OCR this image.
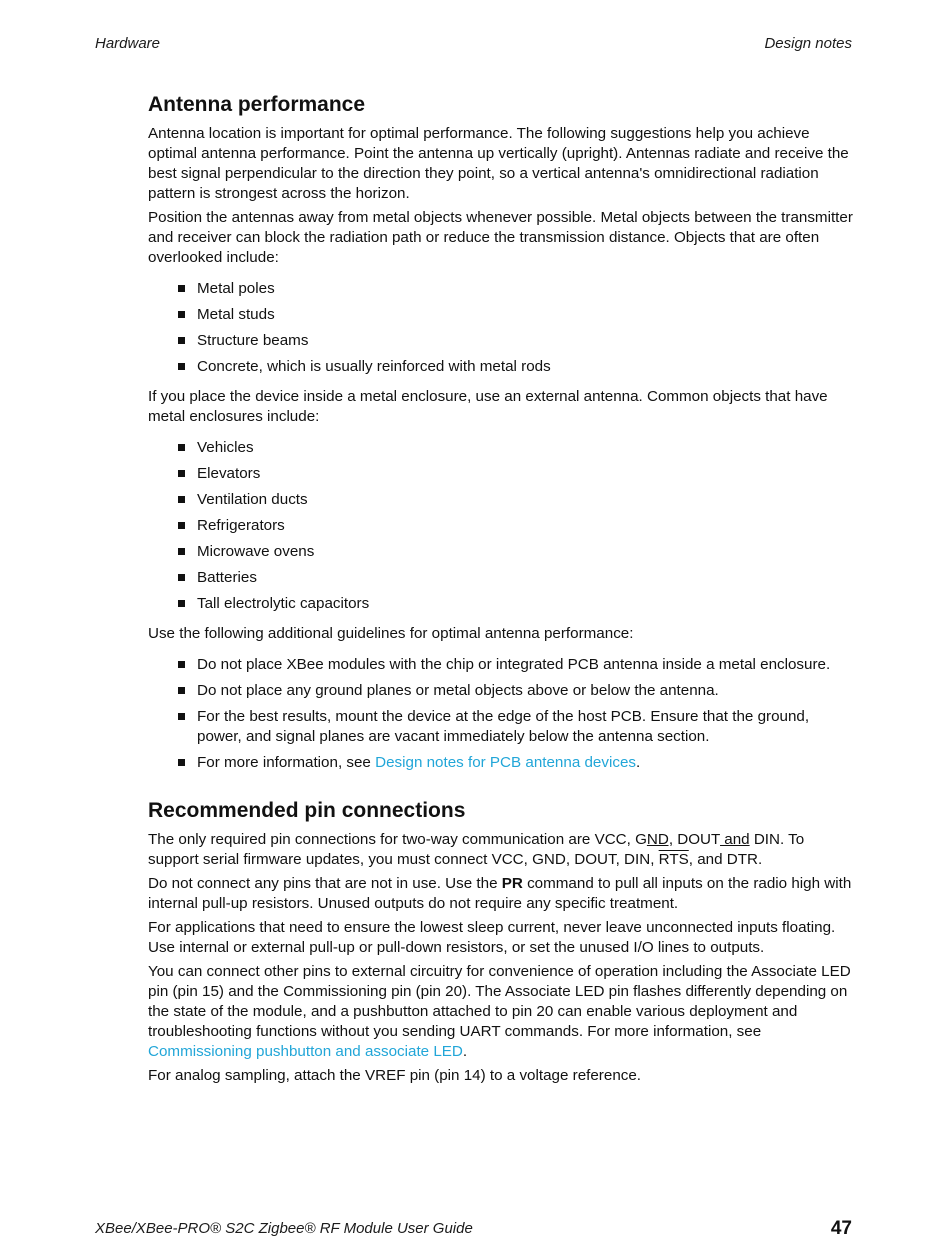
Hardware	Design notes
Antenna performance

Antenna location is important for optimal performance. The following suggestions help you achieve optimal antenna performance. Point the antenna up vertically (upright). Antennas radiate and receive the best signal perpendicular to the direction they point, so a vertical antenna's omnidirectional radiation pattern is strongest across the horizon.

Position the antennas away from metal objects whenever possible. Metal objects between the transmitter and receiver can block the radiation path or reduce the transmission distance. Objects that are often overlooked include:

Metal poles
Metal studs
Structure beams
Concrete, which is usually reinforced with metal rods

If you place the device inside a metal enclosure, use an external antenna. Common objects that have metal enclosures include:

Vehicles
Elevators
Ventilation ducts
Refrigerators
Microwave ovens
Batteries
Tall electrolytic capacitors

Use the following additional guidelines for optimal antenna performance:

Do not place XBee modules with the chip or integrated PCB antenna inside a metal enclosure.
Do not place any ground planes or metal objects above or below the antenna.
For the best results, mount the device at the edge of the host PCB. Ensure that the ground, power, and signal planes are vacant immediately below the antenna section.
For more information, see Design notes for PCB antenna devices.
Recommended pin connections

The only required pin connections for two-way communication are VCC, GND, DOUT and DIN. To support serial firmware updates, you must connect VCC, GND, DOUT, DIN, $\overline{RTS}$, and DTR.

Do not connect any pins that are not in use. Use the PR command to pull all inputs on the radio high with internal pull-up resistors. Unused outputs do not require any specific treatment.

For applications that need to ensure the lowest sleep current, never leave unconnected inputs floating. Use internal or external pull-up or pull-down resistors, or set the unused I/O lines to outputs.

You can connect other pins to external circuitry for convenience of operation including the Associate LED pin (pin 15) and the Commissioning pin (pin 20). The Associate LED pin flashes differently depending on the state of the module, and a pushbutton attached to pin 20 can enable various deployment and troubleshooting functions without you sending UART commands. For more information, see Commissioning pushbutton and associate LED.

For analog sampling, attach the VREF pin (pin 14) to a voltage reference.

XBee/XBee-PRO® S2C Zigbee® RF Module User Guide	47
